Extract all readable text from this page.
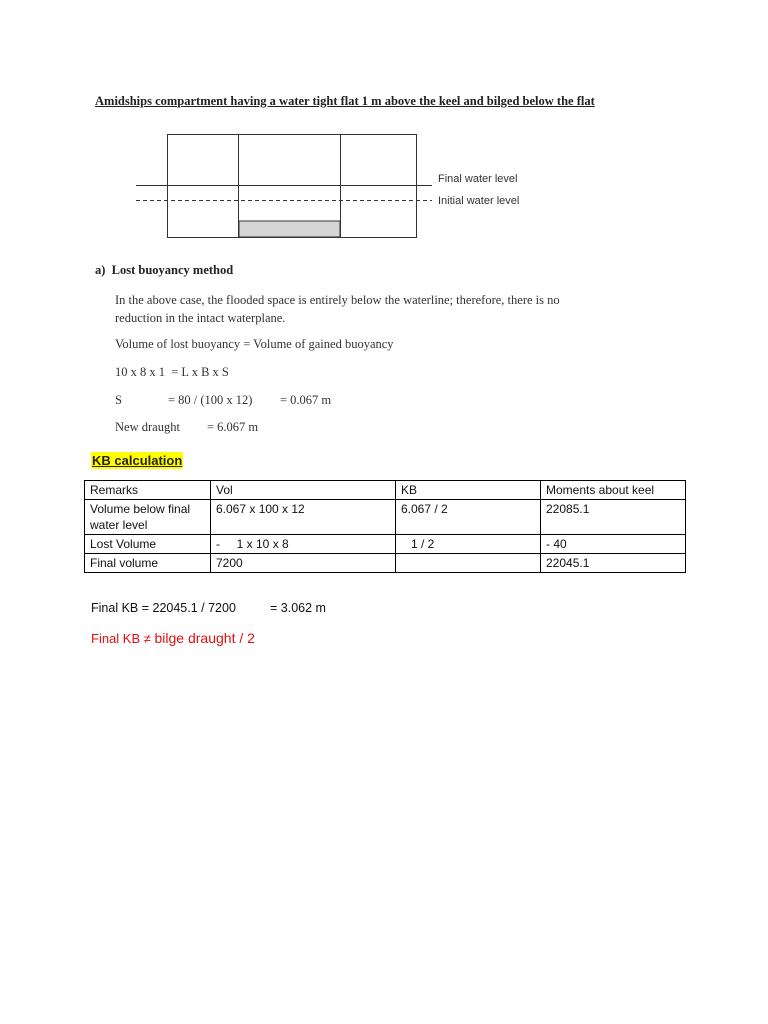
Amidships compartment having a water tight flat 1 m above the keel and bilged below the flat
Final water level
Initial water level
a)  Lost buoyancy method
In the above case, the flooded space is entirely below the waterline; therefore, there is no reduction in the intact waterplane.
Volume of lost buoyancy = Volume of gained buoyancy
10 x 8 x 1  = L x B x S
S	= 80 / (100 x 12) = 0.067 m
New draught = 6.067 m
KB calculation
Remarks	Vol	KB	Moments about keel
Volume below final water level	6.067 x 100 x 12	6.067 / 2	22085.1
Lost Volume	-     1 x 10 x 8	1 / 2	- 40
Final volume	7200		22045.1
Final KB = 22045.1 / 7200	= 3.062 m
Final KB ≠ bilge draught / 2
